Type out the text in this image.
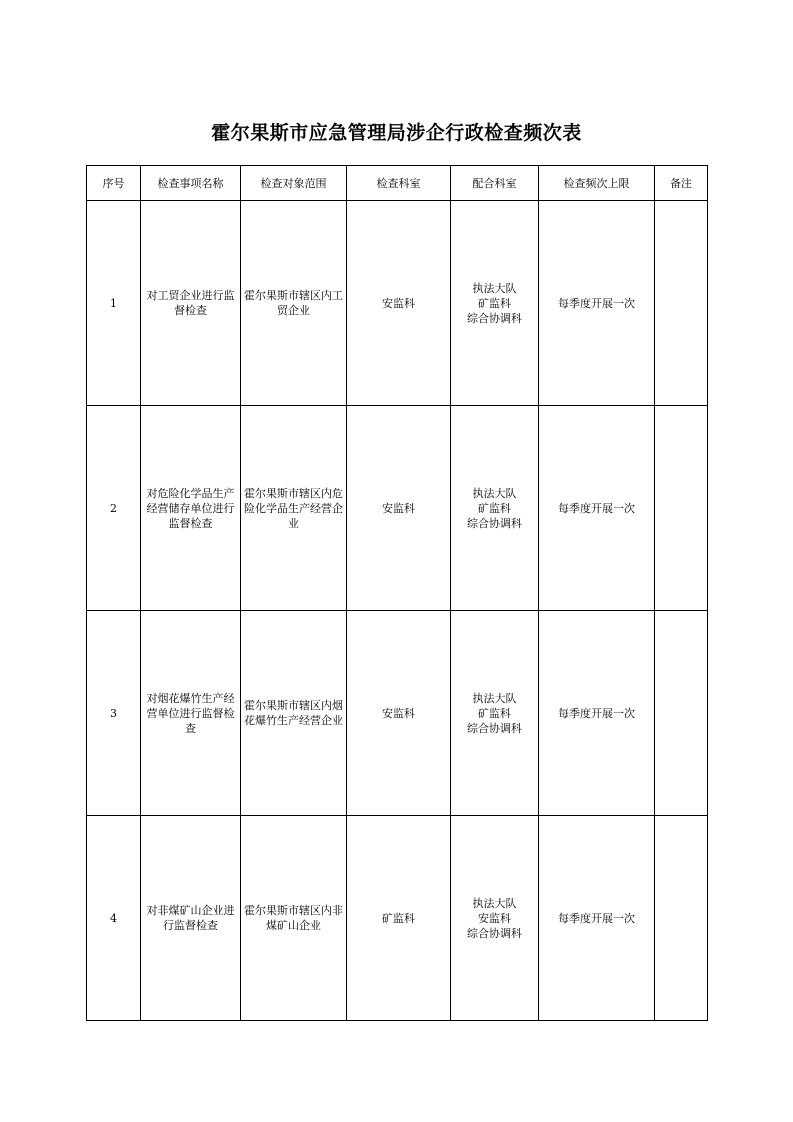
霍尔果斯市应急管理局涉企行政检查频次表
序号	检查事项名称	检查对象范围	检查科室	配合科室	检查频次上限	备注
1	对工贸企业进行监督检查	霍尔果斯市辖区内工贸企业	安监科	执法大队
矿监科
综合协调科	每季度开展一次	
2	对危险化学品生产经营储存单位进行监督检查	霍尔果斯市辖区内危险化学品生产经营企业	安监科	执法大队
矿监科
综合协调科	每季度开展一次	
3	对烟花爆竹生产经营单位进行监督检查	霍尔果斯市辖区内烟花爆竹生产经营企业	安监科	执法大队
矿监科
综合协调科	每季度开展一次	
4	对非煤矿山企业进行监督检查	霍尔果斯市辖区内非煤矿山企业	矿监科	执法大队
安监科
综合协调科	每季度开展一次	
